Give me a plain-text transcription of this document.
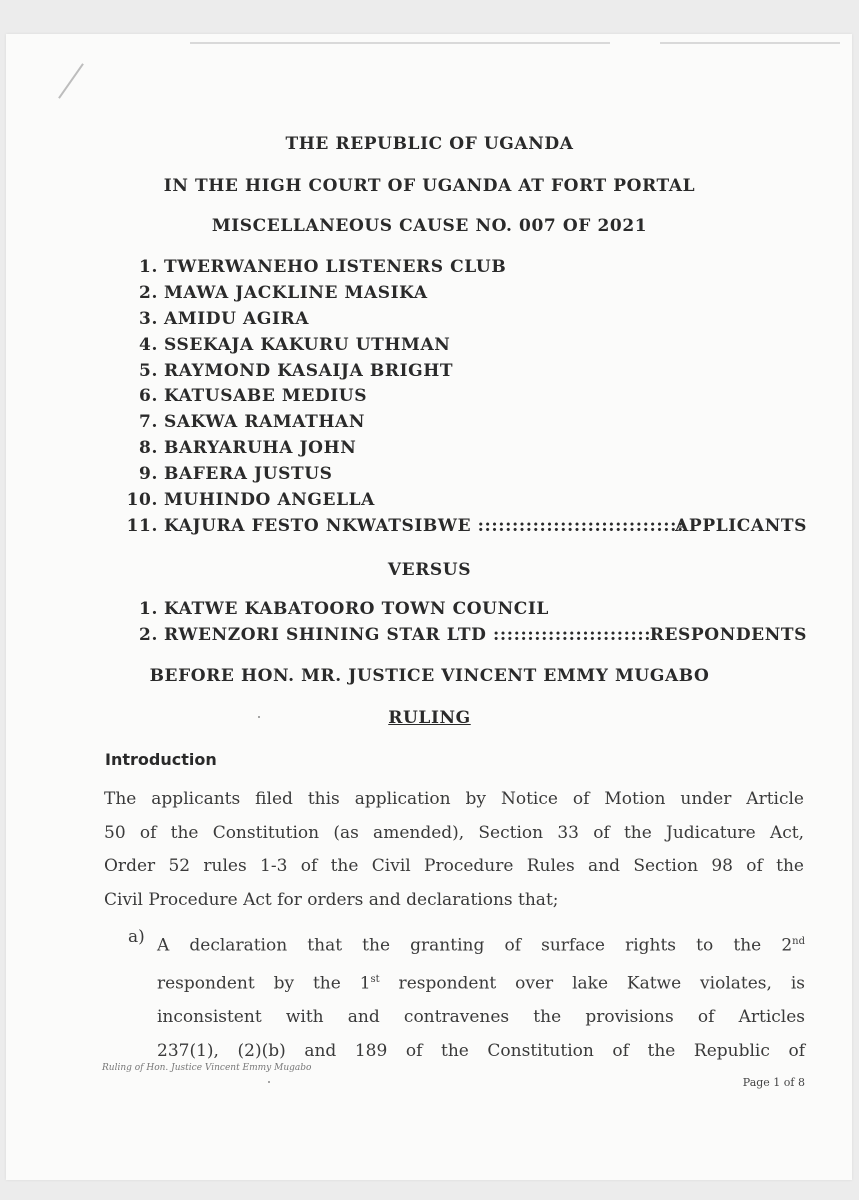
THE REPUBLIC OF UGANDA
IN THE HIGH COURT OF UGANDA AT FORT PORTAL
MISCELLANEOUS CAUSE NO. 007 OF 2021
1. TWERWANEHO LISTENERS CLUB
2. MAWA JACKLINE MASIKA
3. AMIDU AGIRA
4. SSEKAJA KAKURU UTHMAN
5. RAYMOND KASAIJA BRIGHT
6. KATUSABE MEDIUS
7. SAKWA RAMATHAN
8. BARYARUHA JOHN
9. BAFERA JUSTUS
10. MUHINDO ANGELLA
11. KAJURA FESTO NKWATSIBWE ::::::::::::::::::::::::::::::
APPLICANTS
VERSUS
1. KATWE KABATOORO TOWN COUNCIL
2. RWENZORI SHINING STAR LTD ::::::::::::::::::::::::
RESPONDENTS
BEFORE HON. MR. JUSTICE VINCENT EMMY MUGABO
RULING
Introduction

The applicants filed this application by Notice of Motion under Article
50 of the Constitution (as amended), Section 33 of the Judicature Act,
Order 52 rules 1-3 of the Civil Procedure Rules and Section 98 of the
Civil Procedure Act for orders and declarations that;

a) A declaration that the granting of surface rights to the 2nd
respondent by the 1st respondent over lake Katwe violates, is
inconsistent with and contravenes the provisions of Articles
237(1), (2)(b) and 189 of the Constitution of the Republic of

Ruling of Hon. Justice Vincent Emmy Mugabo
Page 1 of 8
